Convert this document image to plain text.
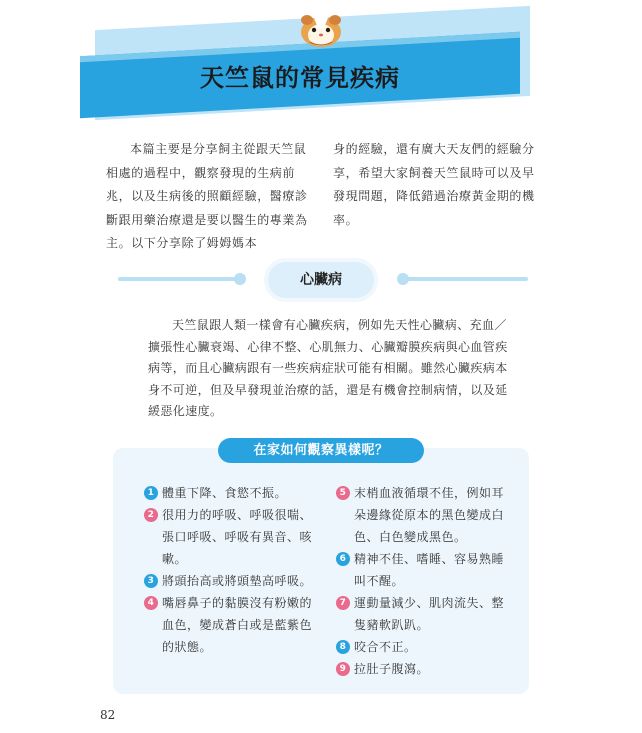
天竺鼠的常見疾病
本篇主要是分享飼主從跟天竺鼠相處的過程中，觀察發現的生病前兆，以及生病後的照顧經驗，醫療診斷跟用藥治療還是要以醫生的專業為主。以下分享除了姆姆媽本
身的經驗，還有廣大天友們的經驗分享，希望大家飼養天竺鼠時可以及早發現問題，降低錯過治療黃金期的機率。
心臟病
天竺鼠跟人類一樣會有心臟疾病，例如先天性心臟病、充血／擴張性心臟衰竭、心律不整、心肌無力、心臟瓣膜疾病與心血管疾病等，而且心臟病跟有一些疾病症狀可能有相關。雖然心臟疾病本身不可逆，但及早發現並治療的話，還是有機會控制病情，以及延緩惡化速度。
在家如何觀察異樣呢？
1 體重下降、食慾不振。
2 很用力的呼吸、呼吸很喘、張口呼吸、呼吸有異音、咳嗽。
3 將頭抬高或將頭墊高呼吸。
4 嘴唇鼻子的黏膜沒有粉嫩的血色，變成蒼白或是藍紫色的狀態。
5 末梢血液循環不佳，例如耳朵邊緣從原本的黑色變成白色、白色變成黑色。
6 精神不佳、嗜睡、容易熟睡叫不醒。
7 運動量減少、肌肉流失、整隻豬軟趴趴。
8 咬合不正。
9 拉肚子腹瀉。
82
